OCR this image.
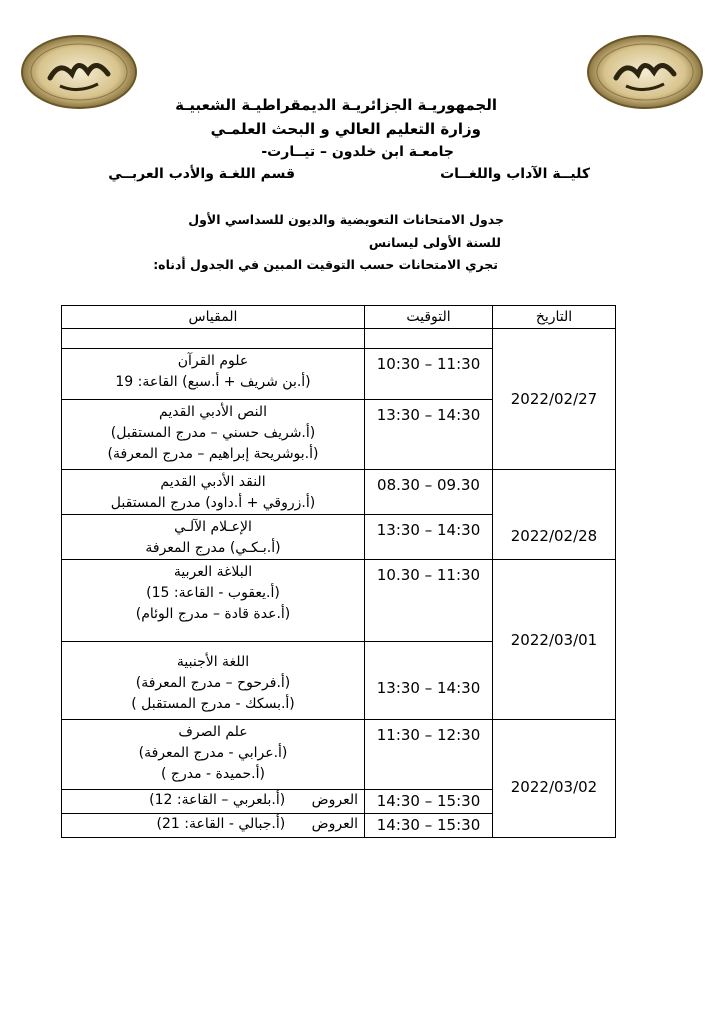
الجمهوريـة الجزائريـة الديمقراطيـة الشعبيـة
وزارة التعليم العالي و البحث العلمـي
جامعـة ابن خلدون – تيــارت-
كليــة الآداب واللغــات
قسم اللغـة والأدب العربــي
جدول الامتحانات التعويضية والديون للسداسي الأول
للسنة الأولى ليسانس
تجري الامتحانات حسب التوقيت المبين في الجدول أدناه:
التاريخ	التوقيت	المقياس
2022/02/27		
	10:30 – 11:30	علوم القرآن
(أ.بن شريف + أ.سبع) القاعة: 19

	13:30 – 14:30	النص الأدبي القديم
(أ.شريف حسني – مدرج المستقبل)
(أ.بوشريحة إبراهيم – مدرج المعرفة)

2022/02/28	08.30 – 09.30	النقد الأدبي القديم
(أ.زروقي + أ.داود) مدرج المستقبل

	13:30 – 14:30	الإعـلام الآلـي
(أ.بـكـي) مدرج المعرفة

2022/03/01	10.30 – 11:30	البلاغة العربية
(أ.يعقوب - القاعة: 15)
(أ.عدة قادة – مدرج الوئام)

	13:30 – 14:30	اللغة الأجنبية
(أ.فرحوح – مدرج المعرفة)
(أ.بسكك - مدرج المستقبل )

2022/03/02	11:30 – 12:30	علم الصرف
(أ.عرابي - مدرج المعرفة)
(أ.حميدة - مدرج )

	14:30 – 15:30	العروض (أ.بلعربي – القاعة: 12)
	14:30 – 15:30	العروض (أ.جبالي - القاعة: 21)
